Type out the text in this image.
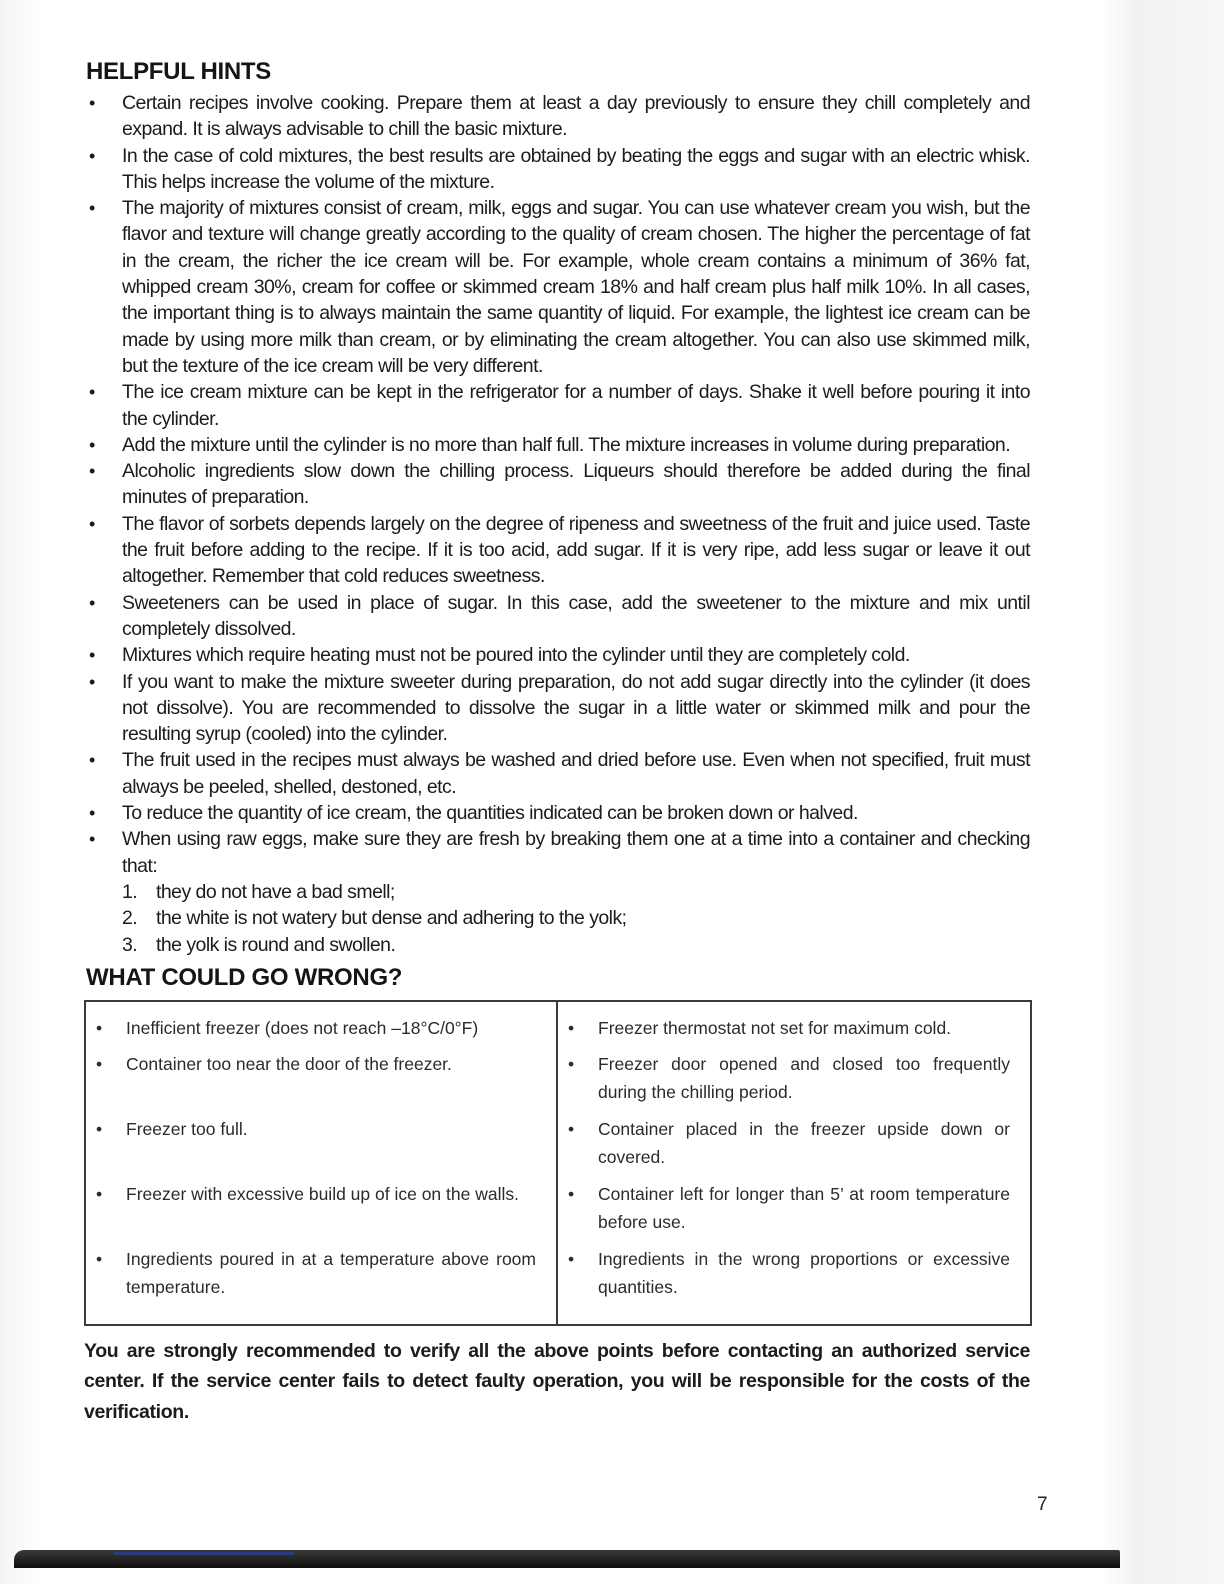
HELPFUL HINTS
• Certain recipes involve cooking. Prepare them at least a day previously to ensure they chill completely and expand. It is always advisable to chill the basic mixture.
• In the case of cold mixtures, the best results are obtained by beating the eggs and sugar with an electric whisk. This helps increase the volume of the mixture.
• The majority of mixtures consist of cream, milk, eggs and sugar. You can use whatever cream you wish, but the flavor and texture will change greatly according to the quality of cream chosen. The higher the percentage of fat in the cream, the richer the ice cream will be. For example, whole cream contains a minimum of 36% fat, whipped cream 30%, cream for coffee or skimmed cream 18% and half cream plus half milk 10%. In all cases, the important thing is to always maintain the same quantity of liquid. For example, the lightest ice cream can be made by using more milk than cream, or by eliminating the cream altogether. You can also use skimmed milk, but the texture of the ice cream will be very different.
• The ice cream mixture can be kept in the refrigerator for a number of days. Shake it well before pouring it into the cylinder.
• Add the mixture until the cylinder is no more than half full. The mixture increases in volume during preparation.
• Alcoholic ingredients slow down the chilling process. Liqueurs should therefore be added during the final minutes of preparation.
• The flavor of sorbets depends largely on the degree of ripeness and sweetness of the fruit and juice used. Taste the fruit before adding to the recipe. If it is too acid, add sugar. If it is very ripe, add less sugar or leave it out altogether. Remember that cold reduces sweetness.
• Sweeteners can be used in place of sugar. In this case, add the sweetener to the mixture and mix until completely dissolved.
• Mixtures which require heating must not be poured into the cylinder until they are completely cold.
• If you want to make the mixture sweeter during preparation, do not add sugar directly into the cylinder (it does not dissolve). You are recommended to dissolve the sugar in a little water or skimmed milk and pour the resulting syrup (cooled) into the cylinder.
• The fruit used in the recipes must always be washed and dried before use. Even when not specified, fruit must always be peeled, shelled, destoned, etc.
• To reduce the quantity of ice cream, the quantities indicated can be broken down or halved.
• When using raw eggs, make sure they are fresh by breaking them one at a time into a container and checking that:
1. they do not have a bad smell;
2. the white is not watery but dense and adhering to the yolk;
3. the yolk is round and swollen.
WHAT COULD GO WRONG?
• Inefficient freezer (does not reach –18°C/0°F)
• Container too near the door of the freezer.
• Freezer too full.
• Freezer with excessive build up of ice on the walls.
• Ingredients poured in at a temperature above room temperature.
• Freezer thermostat not set for maximum cold.
• Freezer door opened and closed too frequently during the chilling period.
• Container placed in the freezer upside down or covered.
• Container left for longer than 5’ at room temperature before use.
• Ingredients in the wrong proportions or excessive quantities.
You are strongly recommended to verify all the above points before contacting an authorized service center. If the service center fails to detect faulty operation, you will be responsible for the costs of the verification.
7
